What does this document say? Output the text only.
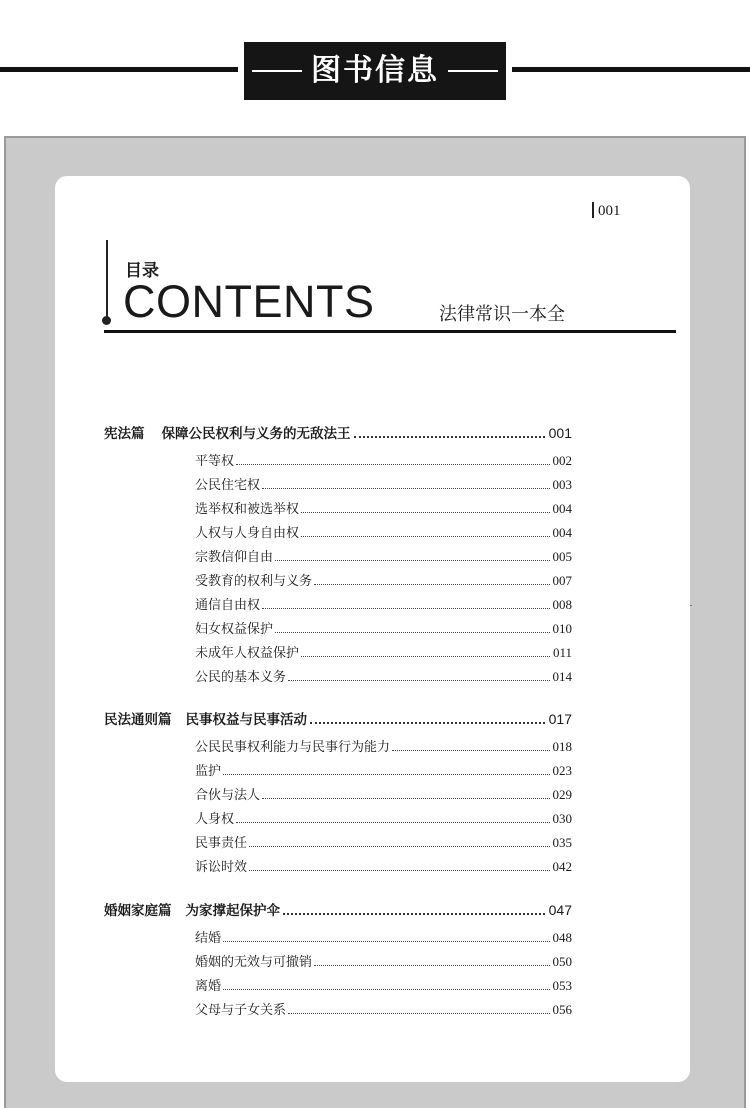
图书信息
001
目录
CONTENTS	法律常识一本全
宪法篇 保障公民权利与义务的无敌法王	001
平等权	002
公民住宅权	003
选举权和被选举权	004
人权与人身自由权	004
宗教信仰自由	005
受教育的权利与义务	007
通信自由权	008
妇女权益保护	010
未成年人权益保护	011
公民的基本义务	014
民法通则篇 民事权益与民事活动	017
公民民事权利能力与民事行为能力	018
监护	023
合伙与法人	029
人身权	030
民事责任	035
诉讼时效	042
婚姻家庭篇 为家撑起保护伞	047
结婚	048
婚姻的无效与可撤销	050
离婚	053
父母与子女关系	056
